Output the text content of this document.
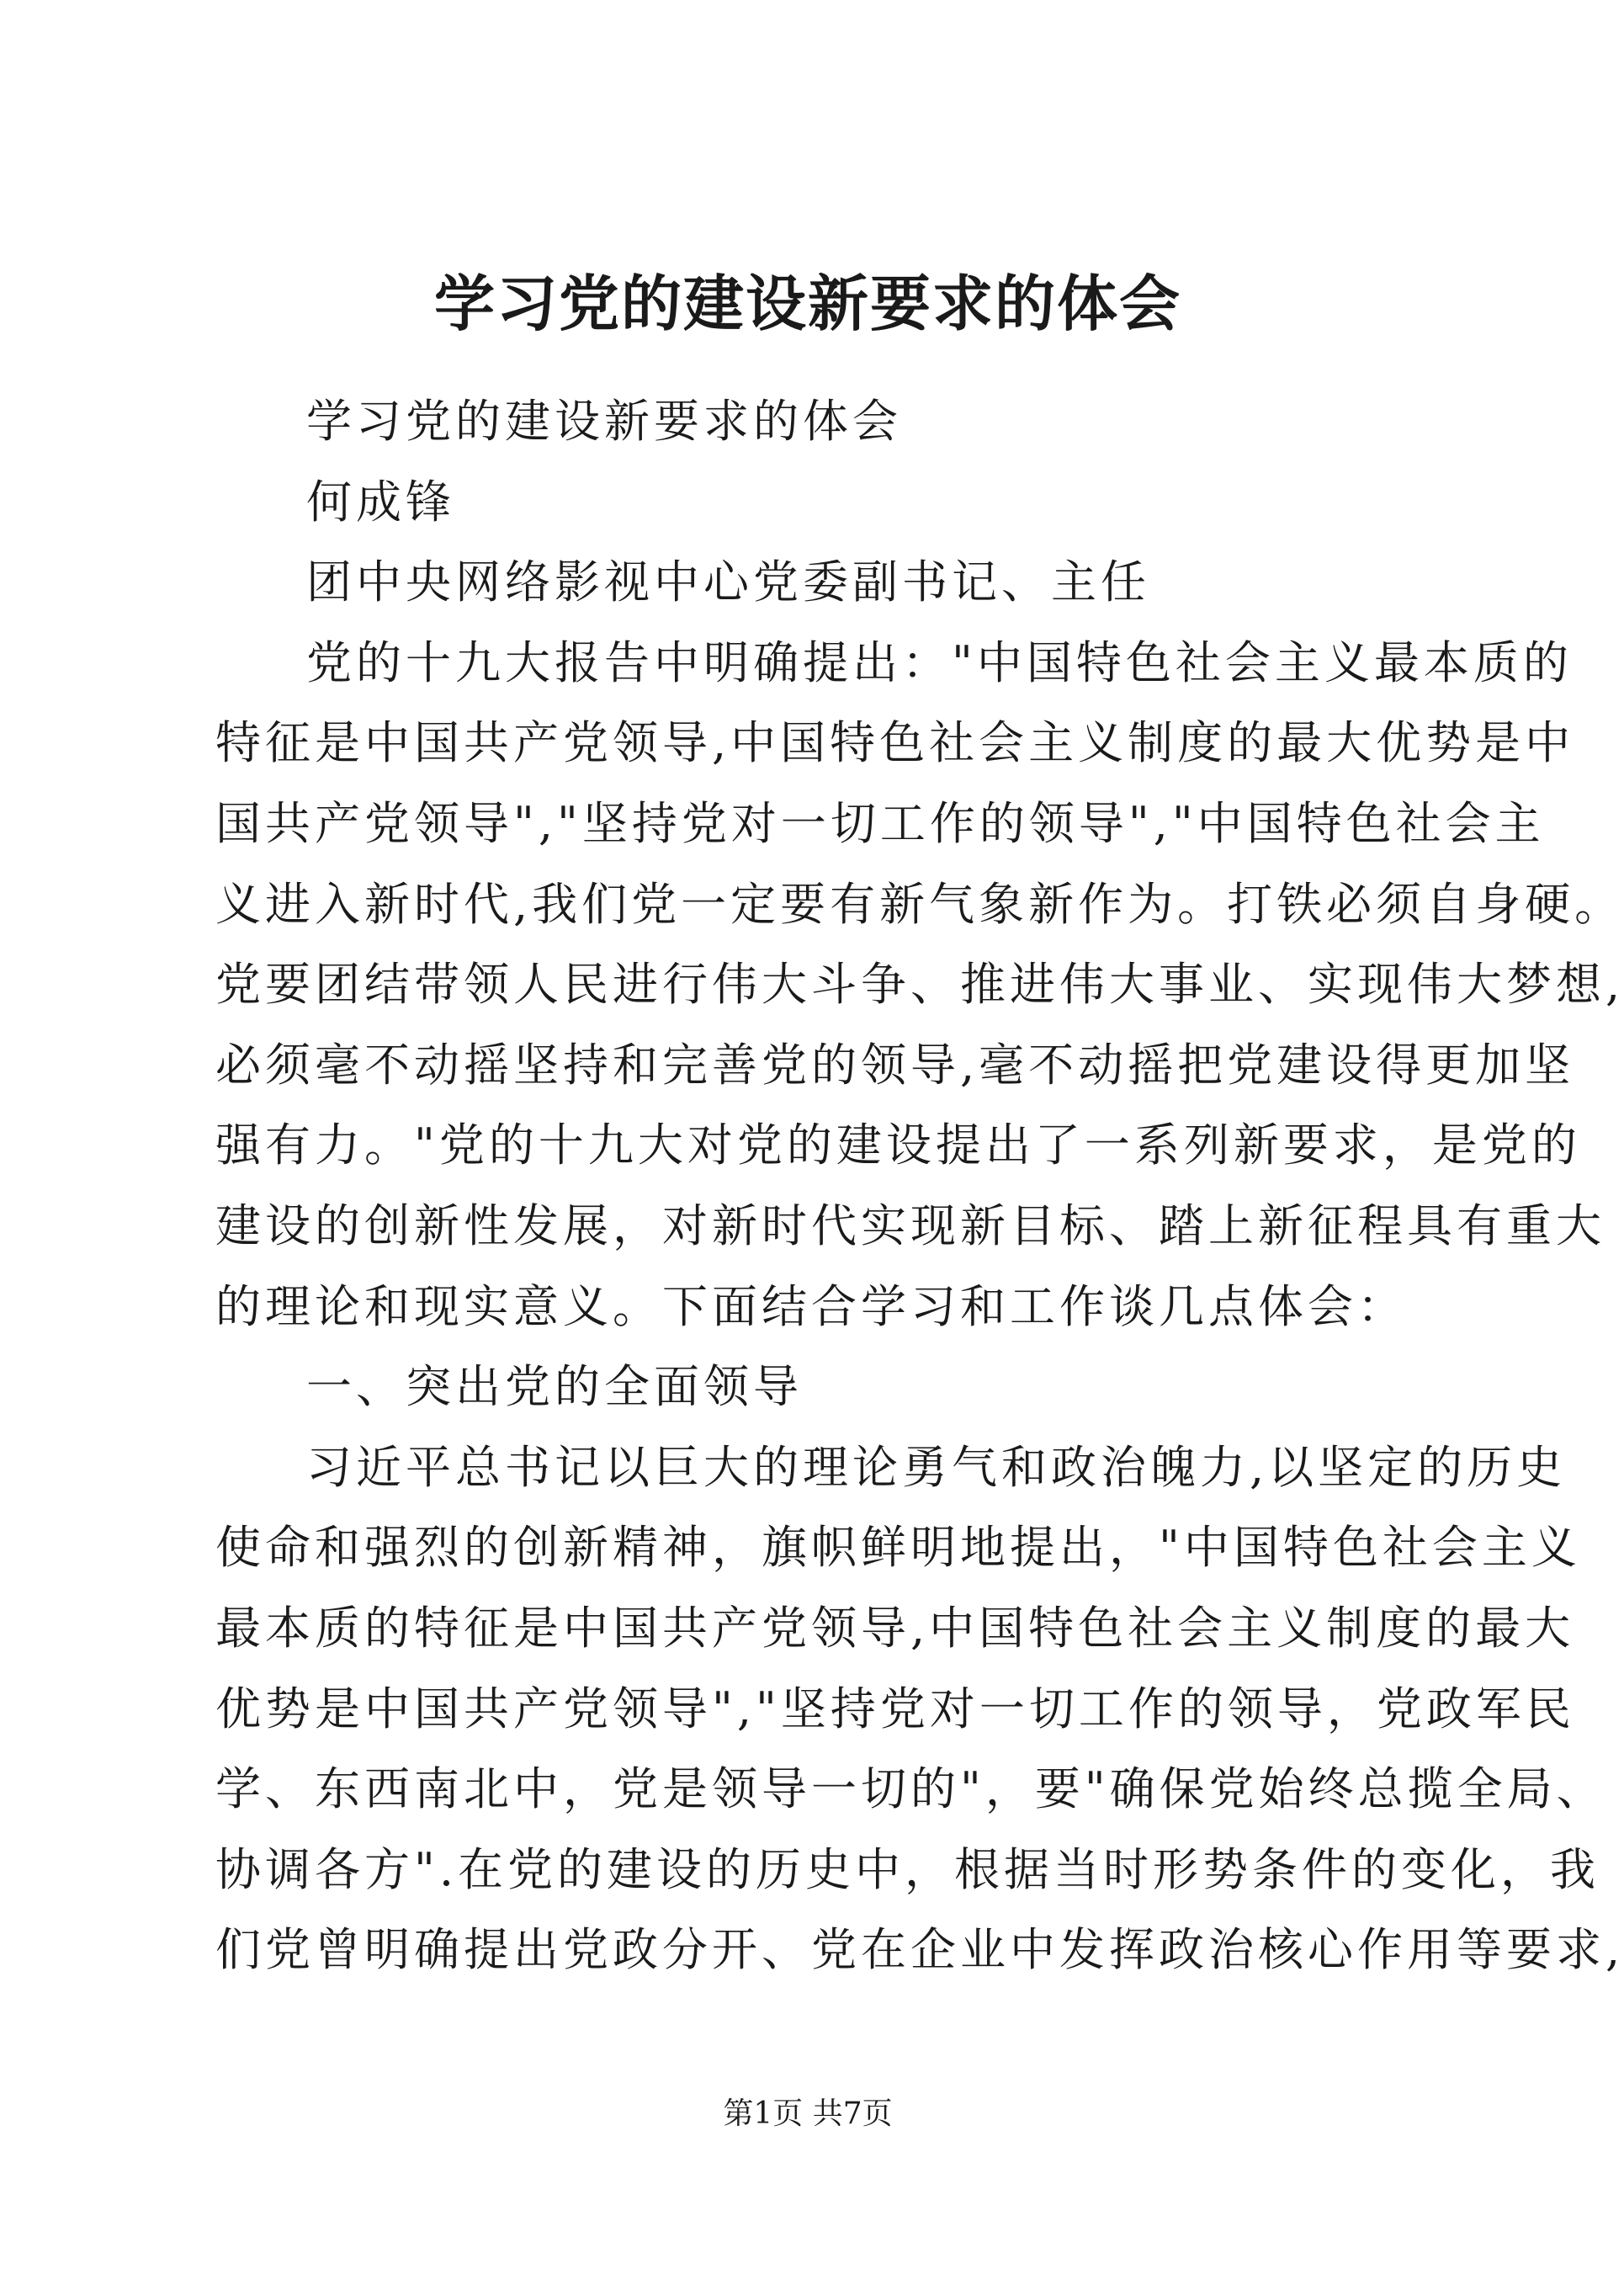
学习党的建设新要求的体会
学习党的建设新要求的体会
何成锋
团中央网络影视中心党委副书记、主任
党的十九大报告中明确提出："中国特色社会主义最本质的
特征是中国共产党领导,中国特色社会主义制度的最大优势是中
国共产党领导","坚持党对一切工作的领导","中国特色社会主
义进入新时代,我们党一定要有新气象新作为。打铁必须自身硬。
党要团结带领人民进行伟大斗争、推进伟大事业、实现伟大梦想,
必须毫不动摇坚持和完善党的领导,毫不动摇把党建设得更加坚
强有力。"党的十九大对党的建设提出了一系列新要求，是党的
建设的创新性发展，对新时代实现新目标、踏上新征程具有重大
的理论和现实意义。下面结合学习和工作谈几点体会：
一、突出党的全面领导
习近平总书记以巨大的理论勇气和政治魄力,以坚定的历史
使命和强烈的创新精神，旗帜鲜明地提出，"中国特色社会主义
最本质的特征是中国共产党领导,中国特色社会主义制度的最大
优势是中国共产党领导","坚持党对一切工作的领导，党政军民
学、东西南北中，党是领导一切的"，要"确保党始终总揽全局、
协调各方".在党的建设的历史中，根据当时形势条件的变化，我
们党曾明确提出党政分开、党在企业中发挥政治核心作用等要求,
第1页 共7页
